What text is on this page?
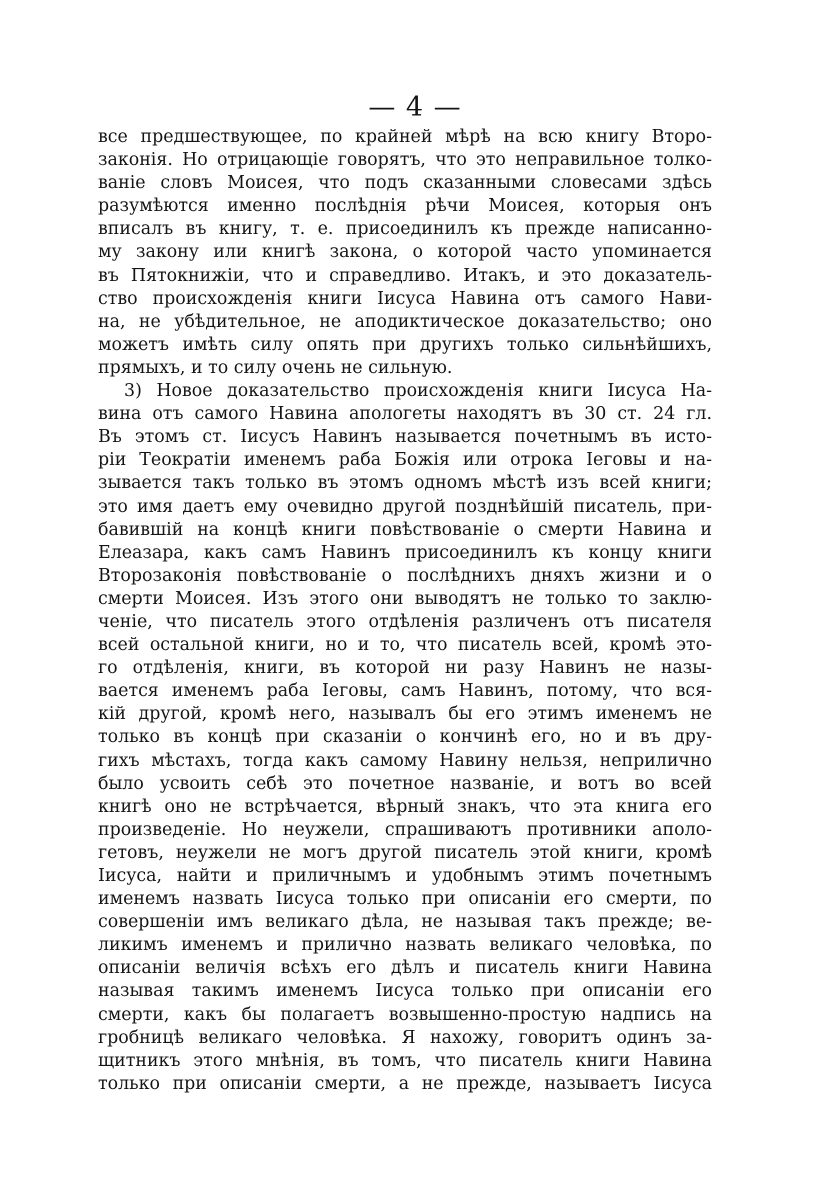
— 4 —
все предшествующее, по крайней мѣрѣ на всю книгу Второ-
законія. Но отрицающіе говорятъ, что это неправильное толко-
ваніе словъ Моисея, что подъ сказанными словесами здѣсь
разумѣются именно послѣднія рѣчи Моисея, которыя онъ
вписалъ въ книгу, т. е. присоединилъ къ прежде написанно-
му закону или книгѣ закона, о которой часто упоминается
въ Пятокнижіи, что и справедливо. Итакъ, и это доказатель-
ство происхожденія книги Іисуса Навина отъ самого Нави-
на, не убѣдительное, не аподиктическое доказательство; оно
можетъ имѣть силу опять при другихъ только сильнѣйшихъ,
прямыхъ, и то силу очень не сильную.
3) Новое доказательство происхожденія книги Іисуса На-
вина отъ самого Навина апологеты находятъ въ 30 ст. 24 гл.
Въ этомъ ст. Іисусъ Навинъ называется почетнымъ въ исто-
ріи Теократіи именемъ раба Божія или отрока Іеговы и на-
зывается такъ только въ этомъ одномъ мѣстѣ изъ всей книги;
это имя даетъ ему очевидно другой позднѣйшій писатель, при-
бавившій на концѣ книги повѣствованіе о смерти Навина и
Елеазара, какъ самъ Навинъ присоединилъ къ концу книги
Второзаконія повѣствованіе о послѣднихъ дняхъ жизни и о
смерти Моисея. Изъ этого они выводятъ не только то заклю-
ченіе, что писатель этого отдѣленія различенъ отъ писателя
всей остальной книги, но и то, что писатель всей, кромѣ это-
го отдѣленія, книги, въ которой ни разу Навинъ не назы-
вается именемъ раба Іеговы, самъ Навинъ, потому, что вся-
кій другой, кромѣ него, называлъ бы его этимъ именемъ не
только въ концѣ при сказаніи о кончинѣ его, но и въ дру-
гихъ мѣстахъ, тогда какъ самому Навину нельзя, неприлично
было усвоить себѣ это почетное названіе, и вотъ во всей
книгѣ оно не встрѣчается, вѣрный знакъ, что эта книга его
произведеніе. Но неужели, спрашиваютъ противники аполо-
гетовъ, неужели не могъ другой писатель этой книги, кромѣ
Іисуса, найти и приличнымъ и удобнымъ этимъ почетнымъ
именемъ назвать Іисуса только при описаніи его смерти, по
совершеніи имъ великаго дѣла, не называя такъ прежде; ве-
ликимъ именемъ и прилично назвать великаго человѣка, по
описаніи величія всѣхъ его дѣлъ и писатель книги Навина
называя такимъ именемъ Іисуса только при описаніи его
смерти, какъ бы полагаетъ возвышенно-простую надпись на
гробницѣ великаго человѣка. Я нахожу, говоритъ одинъ за-
щитникъ этого мнѣнія, въ томъ, что писатель книги Навина
только при описаніи смерти, а не прежде, называетъ Іисуса
